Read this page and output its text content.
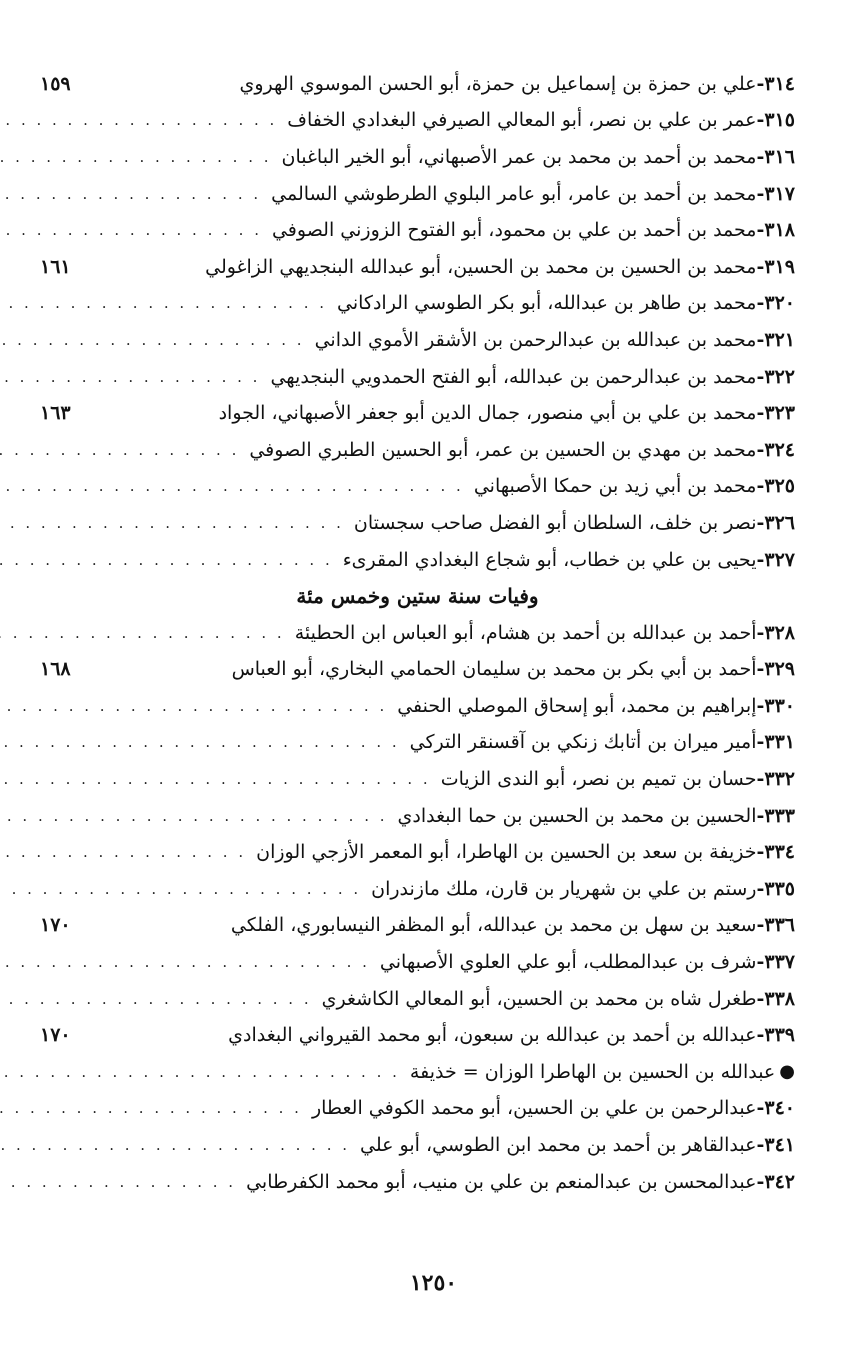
٣١٤-
علي بن حمزة بن إسماعيل بن حمزة، أبو الحسن الموسوي الهروي
١٥٩
٣١٥-
عمر بن علي بن نصر، أبو المعالي الصيرفي البغدادي الخفاف
. . .
٣١٦-
محمد بن أحمد بن محمد بن عمر الأصبهاني، أبو الخير الباغبان
. . .
٣١٧-
محمد بن أحمد بن عامر، أبو عامر البلوي الطرطوشي السالمي
. . .
٣١٨-
محمد بن أحمد بن علي بن محمود، أبو الفتوح الزوزني الصوفي
. . .
٣١٩-
محمد بن الحسين بن محمد بن الحسين، أبو عبدالله البنجديهي الزاغولي
١٦١
٣٢٠-
محمد بن طاهر بن عبدالله، أبو بكر الطوسي الرادكاني
. . .
٣٢١-
محمد بن عبدالله بن عبدالرحمن بن الأشقر الأموي الداني
. . .
٣٢٢-
محمد بن عبدالرحمن بن عبدالله، أبو الفتح الحمدويي البنجديهي
. . .
٣٢٣-
محمد بن علي بن أبي منصور، جمال الدين أبو جعفر الأصبهاني، الجواد
١٦٣
٣٢٤-
محمد بن مهدي بن الحسين بن عمر، أبو الحسين الطبري الصوفي
. . .
٣٢٥-
محمد بن أبي زيد بن حمكا الأصبهاني
. . .
٣٢٦-
نصر بن خلف، السلطان أبو الفضل صاحب سجستان
. . .
٣٢٧-
يحيى بن علي بن خطاب، أبو شجاع البغدادي المقرىء
. . .
وفيات سنة ستين وخمس مئة
٣٢٨-
أحمد بن عبدالله بن أحمد بن هشام، أبو العباس ابن الحطيئة
. . .
٣٢٩-
أحمد بن أبي بكر بن محمد بن سليمان الحمامي البخاري، أبو العباس
١٦٨
٣٣٠-
إبراهيم بن محمد، أبو إسحاق الموصلي الحنفي
. . .
٣٣١-
أمير ميران بن أتابك زنكي بن آقسنقر التركي
. . .
٣٣٢-
حسان بن تميم بن نصر، أبو الندى الزيات
. . .
٣٣٣-
الحسين بن محمد بن الحسين بن حما البغدادي
. . .
٣٣٤-
خزيفة بن سعد بن الحسين بن الهاطرا، أبو المعمر الأزجي الوزان
. . .
٣٣٥-
رستم بن علي بن شهريار بن قارن، ملك مازندران
. . .
٣٣٦-
سعيد بن سهل بن محمد بن عبدالله، أبو المظفر النيسابوري، الفلكي
١٧٠
٣٣٧-
شرف بن عبدالمطلب، أبو علي العلوي الأصبهاني
. . .
٣٣٨-
طغرل شاه بن محمد بن الحسين، أبو المعالي الكاشغري
. . .
٣٣٩-
عبدالله بن أحمد بن عبدالله بن سبعون، أبو محمد القيرواني البغدادي
١٧٠
●
عبدالله بن الحسين بن الهاطرا الوزان = خذيفة
. . .
٣٤٠-
عبدالرحمن بن علي بن الحسين، أبو محمد الكوفي العطار
. . .
٣٤١-
عبدالقاهر بن أحمد بن محمد ابن الطوسي، أبو علي
. . .
٣٤٢-
عبدالمحسن بن عبدالمنعم بن علي بن منيب، أبو محمد الكفرطابي
. . .
١٢٥٠
